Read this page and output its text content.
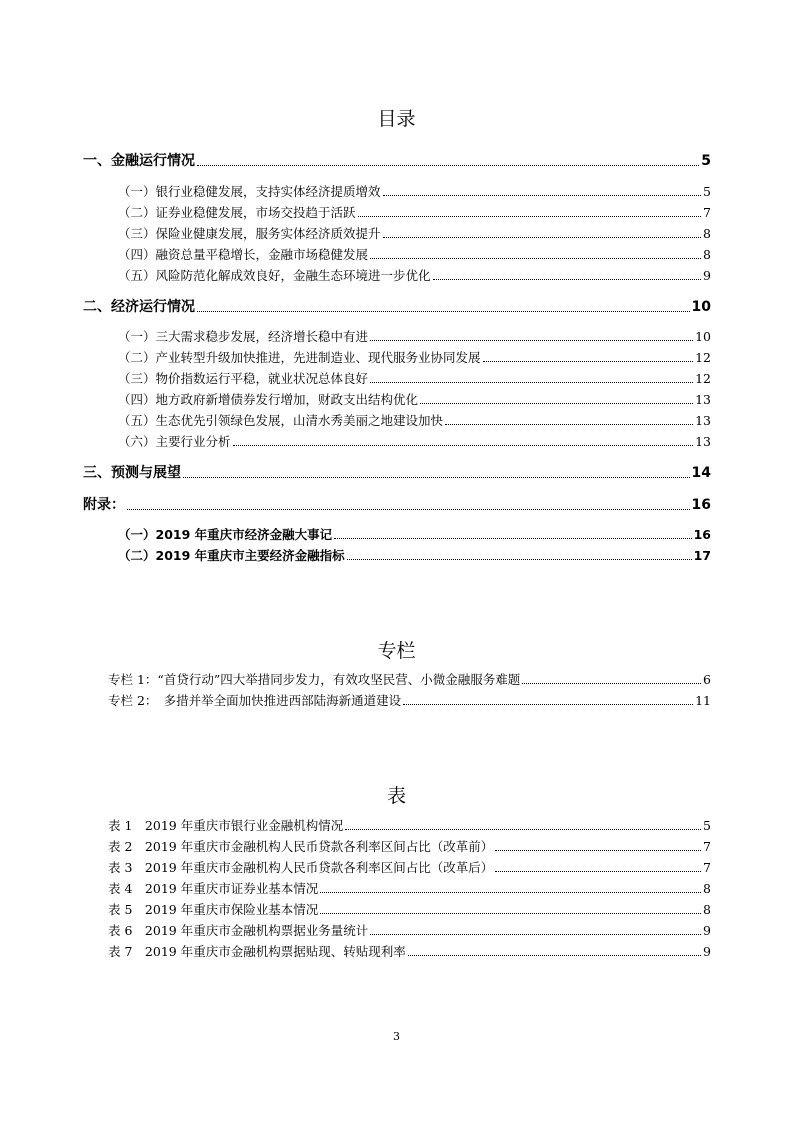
目录
一、金融运行情况	5
（一）银行业稳健发展，支持实体经济提质增效	5
（二）证券业稳健发展，市场交投趋于活跃	7
（三）保险业健康发展，服务实体经济质效提升	8
（四）融资总量平稳增长，金融市场稳健发展	8
（五）风险防范化解成效良好，金融生态环境进一步优化	9
二、经济运行情况	10
（一）三大需求稳步发展，经济增长稳中有进	10
（二）产业转型升级加快推进，先进制造业、现代服务业协同发展	12
（三）物价指数运行平稳，就业状况总体良好	12
（四）地方政府新增债券发行增加，财政支出结构优化	13
（五）生态优先引领绿色发展，山清水秀美丽之地建设加快	13
（六）主要行业分析	13
三、预测与展望	14
附录：	16
（一）2019 年重庆市经济金融大事记	16
（二）2019 年重庆市主要经济金融指标	17
专栏
专栏 1：“首贷行动”四大举措同步发力，有效攻坚民营、小微金融服务难题	6
专栏 2：　多措并举全面加快推进西部陆海新通道建设	11
表
表 1　2019 年重庆市银行业金融机构情况	5
表 2　2019 年重庆市金融机构人民币贷款各利率区间占比（改革前）	7
表 3　2019 年重庆市金融机构人民币贷款各利率区间占比（改革后）	7
表 4　2019 年重庆市证券业基本情况	8
表 5　2019 年重庆市保险业基本情况	8
表 6　2019 年重庆市金融机构票据业务量统计	9
表 7　2019 年重庆市金融机构票据贴现、转贴现利率	9
3
